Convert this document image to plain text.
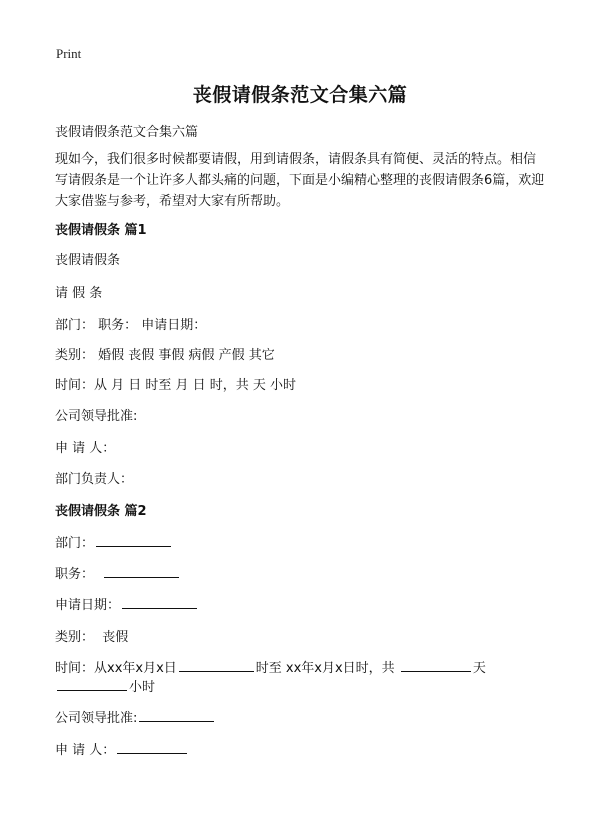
Print
丧假请假条范文合集六篇
丧假请假条范文合集六篇
现如今，我们很多时候都要请假，用到请假条，请假条具有简便、灵活的特点。相信写请假条是一个让许多人都头痛的问题，下面是小编精心整理的丧假请假条6篇，欢迎大家借鉴与参考，希望对大家有所帮助。
丧假请假条 篇1
丧假请假条
请 假 条
部门： 职务： 申请日期：
类别： 婚假 丧假 事假 病假 产假 其它
时间：从 月 日 时至 月 日 时，共 天 小时
公司领导批准:
申 请 人：
部门负责人：
丧假请假条 篇2
部门：
职务：
申请日期：
类别： 丧假
时间：从xx年x月x日	时至 xx年x月x日时，共	天
小时
公司领导批准:
申 请 人：
